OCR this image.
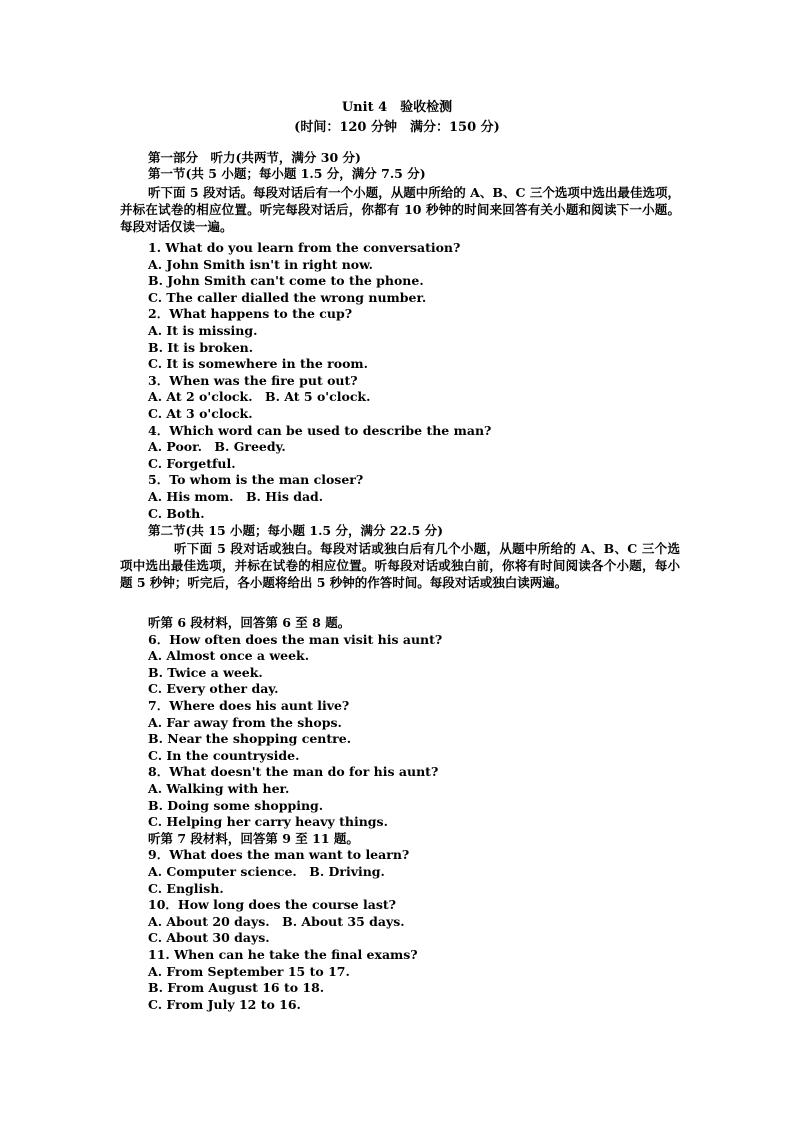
Unit 4　验收检测
(时间：120 分钟　满分：150 分)
第一部分　听力(共两节，满分 30 分)
第一节(共 5 小题；每小题 1.5 分，满分 7.5 分)
听下面 5 段对话。每段对话后有一个小题，从题中所给的 A、B、C 三个选项中选出最佳选项，并标在试卷的相应位置。听完每段对话后，你都有 10 秒钟的时间来回答有关小题和阅读下一小题。每段对话仅读一遍。
1. What do you learn from the conversation?
A. John Smith isn't in right now.
B. John Smith can't come to the phone.
C. The caller dialled the wrong number.
2．What happens to the cup?
A. It is missing.
B. It is broken.
C. It is somewhere in the room.
3．When was the fire put out?
A. At 2 o'clock.　B. At 5 o'clock.
C. At 3 o'clock.
4．Which word can be used to describe the man?
A. Poor.　B. Greedy.
C. Forgetful.
5．To whom is the man closer?
A. His mom.　B. His dad.
C. Both.
第二节(共 15 小题；每小题 1.5 分，满分 22.5 分)
听下面 5 段对话或独白。每段对话或独白后有几个小题，从题中所给的 A、B、C 三个选项中选出最佳选项，并标在试卷的相应位置。听每段对话或独白前，你将有时间阅读各个小题，每小题 5 秒钟；听完后，各小题将给出 5 秒钟的作答时间。每段对话或独白读两遍。
听第 6 段材料，回答第 6 至 8 题。
6．How often does the man visit his aunt?
A. Almost once a week.
B. Twice a week.
C. Every other day.
7．Where does his aunt live?
A. Far away from the shops.
B. Near the shopping centre.
C. In the countryside.
8．What doesn't the man do for his aunt?
A. Walking with her.
B. Doing some shopping.
C. Helping her carry heavy things.
听第 7 段材料，回答第 9 至 11 题。
9．What does the man want to learn?
A. Computer science.　B. Driving.
C. English.
10．How long does the course last?
A. About 20 days.　B. About 35 days.
C. About 30 days.
11. When can he take the final exams?
A. From September 15 to 17.
B. From August 16 to 18.
C. From July 12 to 16.
